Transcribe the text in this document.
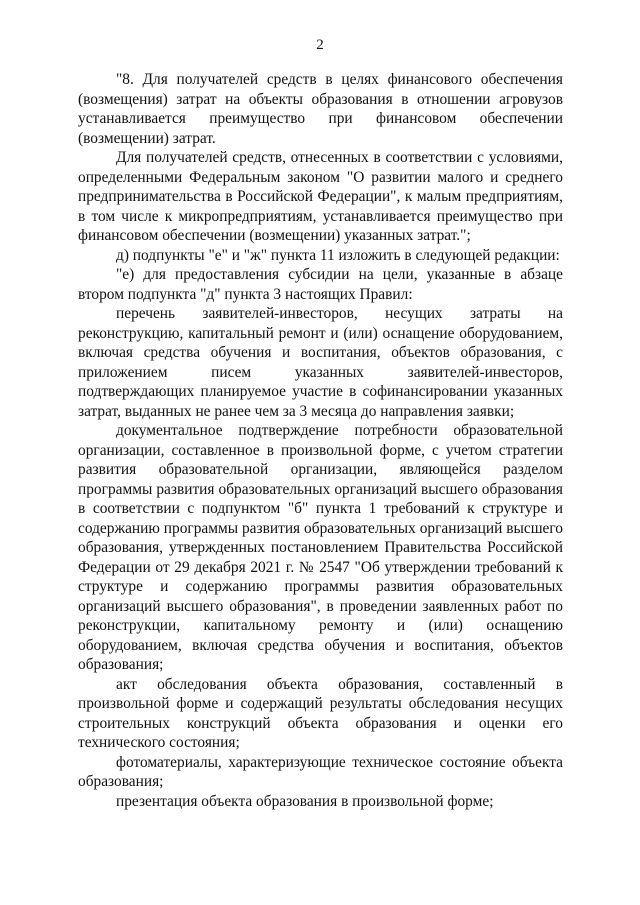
2

"8. Для получателей средств в целях финансового обеспечения (возмещения) затрат на объекты образования в отношении агровузов устанавливается преимущество при финансовом обеспечении (возмещении) затрат.

Для получателей средств, отнесенных в соответствии с условиями, определенными Федеральным законом "О развитии малого и среднего предпринимательства в Российской Федерации", к малым предприятиям, в том числе к микропредприятиям, устанавливается преимущество при финансовом обеспечении (возмещении) указанных затрат.";

д) подпункты "е" и "ж" пункта 11 изложить в следующей редакции:

"е) для предоставления субсидии на цели, указанные в абзаце втором подпункта "д" пункта 3 настоящих Правил:

перечень заявителей-инвесторов, несущих затраты на реконструкцию, капитальный ремонт и (или) оснащение оборудованием, включая средства обучения и воспитания, объектов образования, с приложением писем указанных заявителей-инвесторов, подтверждающих планируемое участие в софинансировании указанных затрат, выданных не ранее чем за 3 месяца до направления заявки;

документальное подтверждение потребности образовательной организации, составленное в произвольной форме, с учетом стратегии развития образовательной организации, являющейся разделом программы развития образовательных организаций высшего образования в соответствии с подпунктом "б" пункта 1 требований к структуре и содержанию программы развития образовательных организаций высшего образования, утвержденных постановлением Правительства Российской Федерации от 29 декабря 2021 г. № 2547 "Об утверждении требований к структуре и содержанию программы развития образовательных организаций высшего образования", в проведении заявленных работ по реконструкции, капитальному ремонту и (или) оснащению оборудованием, включая средства обучения и воспитания, объектов образования;

акт обследования объекта образования, составленный в произвольной форме и содержащий результаты обследования несущих строительных конструкций объекта образования и оценки его технического состояния;

фотоматериалы, характеризующие техническое состояние объекта образования;

презентация объекта образования в произвольной форме;
